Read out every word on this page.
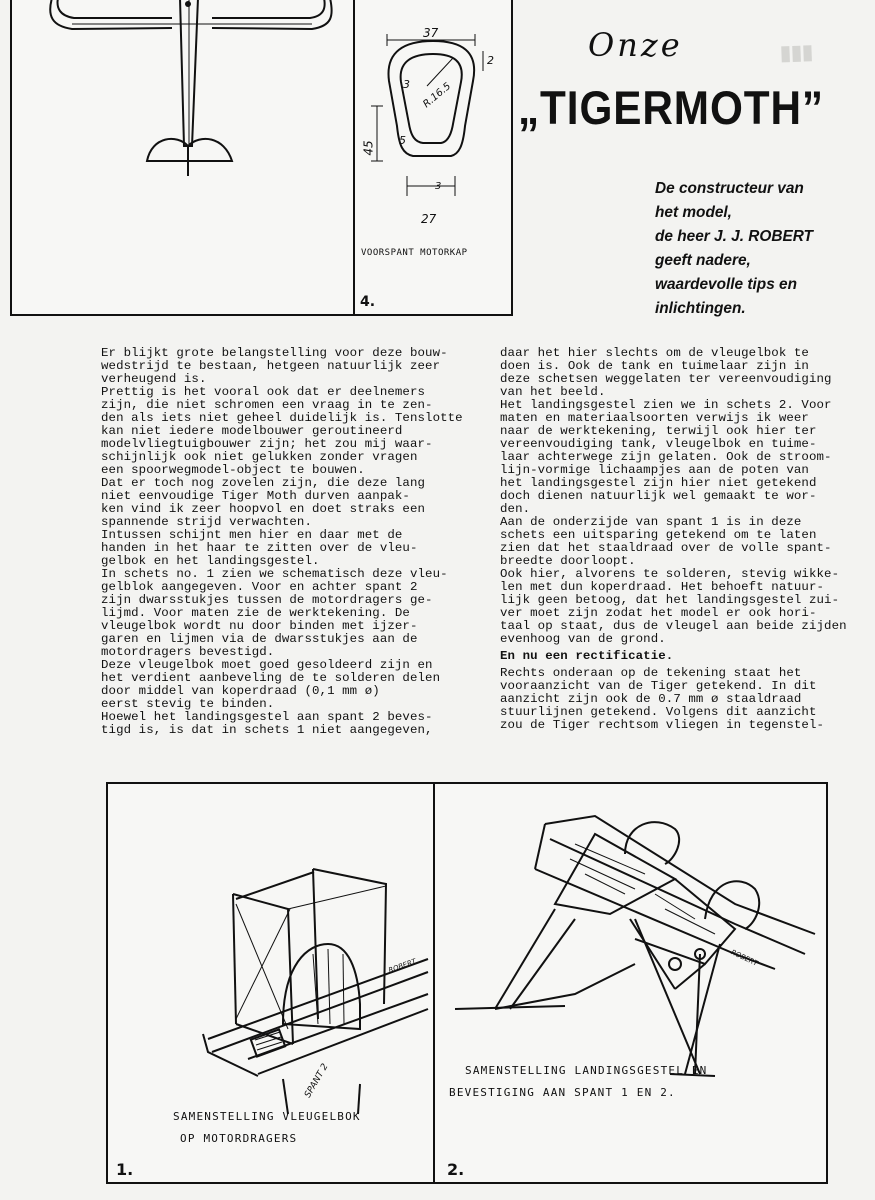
▮▮▮
37
2
3 R.16.5
5
45
3
27
VOORSPANT MOTORKAP
4.
Onze
„TIGERMOTH”

De constructeur van

het model,

de heer J. J. ROBERT

geeft nadere,

waardevolle tips en

inlichtingen.

Er blijkt grote belangstelling voor deze bouw-

wedstrijd te bestaan, hetgeen natuurlijk zeer

verheugend is.

Prettig is het vooral ook dat er deelnemers

zijn, die niet schromen een vraag in te zen-

den als iets niet geheel duidelijk is. Tenslotte

kan niet iedere modelbouwer geroutineerd

modelvliegtuigbouwer zijn; het zou mij waar-

schijnlijk ook niet gelukken zonder vragen

een spoorwegmodel-object te bouwen.

Dat er toch nog zovelen zijn, die deze lang

niet eenvoudige Tiger Moth durven aanpak-

ken vind ik zeer hoopvol en doet straks een

spannende strijd verwachten.

Intussen schijnt men hier en daar met de

handen in het haar te zitten over de vleu-

gelbok en het landingsgestel.

In schets no. 1 zien we schematisch deze vleu-

gelblok aangegeven. Voor en achter spant 2

zijn dwarsstukjes tussen de motordragers ge-

lijmd. Voor maten zie de werktekening. De

vleugelbok wordt nu door binden met ijzer-

garen en lijmen via de dwarsstukjes aan de

motordragers bevestigd.

Deze vleugelbok moet goed gesoldeerd zijn en

het verdient aanbeveling de te solderen delen

door middel van koperdraad (0,1 mm ø)

eerst stevig te binden.

Hoewel het landingsgestel aan spant 2 beves-

tigd is, is dat in schets 1 niet aangegeven,

daar het hier slechts om de vleugelbok te

doen is. Ook de tank en tuimelaar zijn in

deze schetsen weggelaten ter vereenvoudiging

van het beeld.

Het landingsgestel zien we in schets 2. Voor

maten en materiaalsoorten verwijs ik weer

naar de werktekening, terwijl ook hier ter

vereenvoudiging tank, vleugelbok en tuime-

laar achterwege zijn gelaten. Ook de stroom-

lijn-vormige lichaampjes aan de poten van

het landingsgestel zijn hier niet getekend

doch dienen natuurlijk wel gemaakt te wor-

den.

Aan de onderzijde van spant 1 is in deze

schets een uitsparing getekend om te laten

zien dat het staaldraad over de volle spant-

breedte doorloopt.

Ook hier, alvorens te solderen, stevig wikke-

len met dun koperdraad. Het behoeft natuur-

lijk geen betoog, dat het landingsgestel zui-

ver moet zijn zodat het model er ook hori-

taal op staat, dus de vleugel aan beide zijden

evenhoog van de grond.

En nu een rectificatie.

Rechts onderaan op de tekening staat het

vooraanzicht van de Tiger getekend. In dit

aanzicht zijn ook de 0.7 mm ø staaldraad

stuurlijnen getekend. Volgens dit aanzicht

zou de Tiger rechtsom vliegen in tegenstel-

ROBERT
SPANT 2
SAMENSTELLING VLEUGELBOK
OP MOTORDRAGERS
1.
ROBERT
SAMENSTELLING LANDINGSGESTEL EN
BEVESTIGING AAN SPANT 1 EN 2.
2.
